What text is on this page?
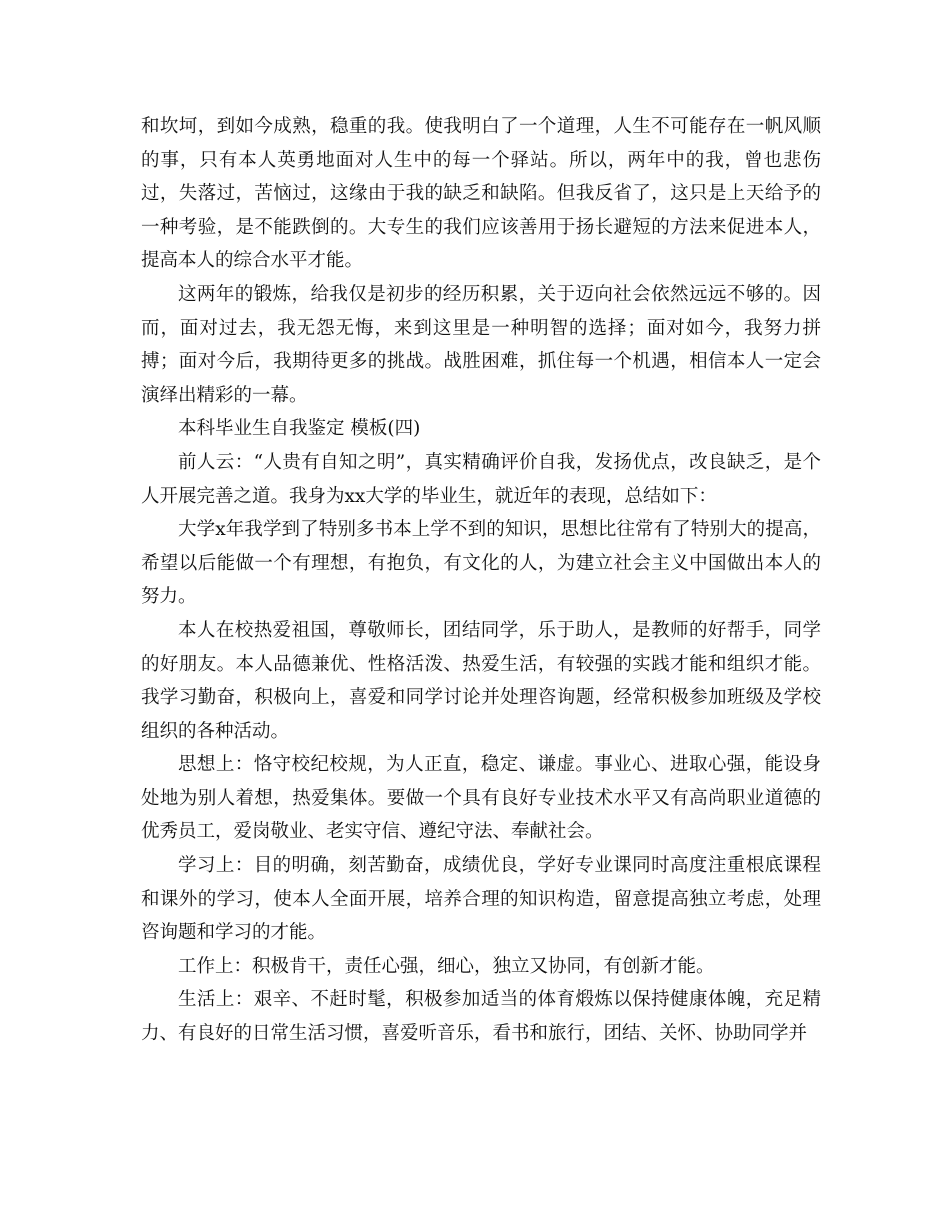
和坎坷，到如今成熟，稳重的我。使我明白了一个道理，人生不可能存在一帆风顺的事，只有本人英勇地面对人生中的每一个驿站。所以，两年中的我，曾也悲伤过，失落过，苦恼过，这缘由于我的缺乏和缺陷。但我反省了，这只是上天给予的一种考验，是不能跌倒的。大专生的我们应该善用于扬长避短的方法来促进本人，提高本人的综合水平才能。

这两年的锻炼，给我仅是初步的经历积累，关于迈向社会依然远远不够的。因而，面对过去，我无怨无悔，来到这里是一种明智的选择；面对如今，我努力拼搏；面对今后，我期待更多的挑战。战胜困难，抓住每一个机遇，相信本人一定会演绎出精彩的一幕。

本科毕业生自我鉴定 模板(四)

前人云：“人贵有自知之明”，真实精确评价自我，发扬优点，改良缺乏，是个人开展完善之道。我身为xx大学的毕业生，就近年的表现，总结如下：

大学x年我学到了特别多书本上学不到的知识，思想比往常有了特别大的提高，希望以后能做一个有理想，有抱负，有文化的人，为建立社会主义中国做出本人的努力。

本人在校热爱祖国，尊敬师长，团结同学，乐于助人，是教师的好帮手，同学的好朋友。本人品德兼优、性格活泼、热爱生活，有较强的实践才能和组织才能。我学习勤奋，积极向上，喜爱和同学讨论并处理咨询题，经常积极参加班级及学校组织的各种活动。

思想上：恪守校纪校规，为人正直，稳定、谦虚。事业心、进取心强，能设身处地为别人着想，热爱集体。要做一个具有良好专业技术水平又有高尚职业道德的优秀员工，爱岗敬业、老实守信、遵纪守法、奉献社会。

学习上：目的明确，刻苦勤奋，成绩优良，学好专业课同时高度注重根底课程和课外的学习，使本人全面开展，培养合理的知识构造，留意提高独立考虑，处理咨询题和学习的才能。

工作上：积极肯干，责任心强，细心，独立又协同，有创新才能。

生活上：艰辛、不赶时髦，积极参加适当的体育煅炼以保持健康体魄，充足精力、有良好的日常生活习惯，喜爱听音乐，看书和旅行，团结、关怀、协助同学并
